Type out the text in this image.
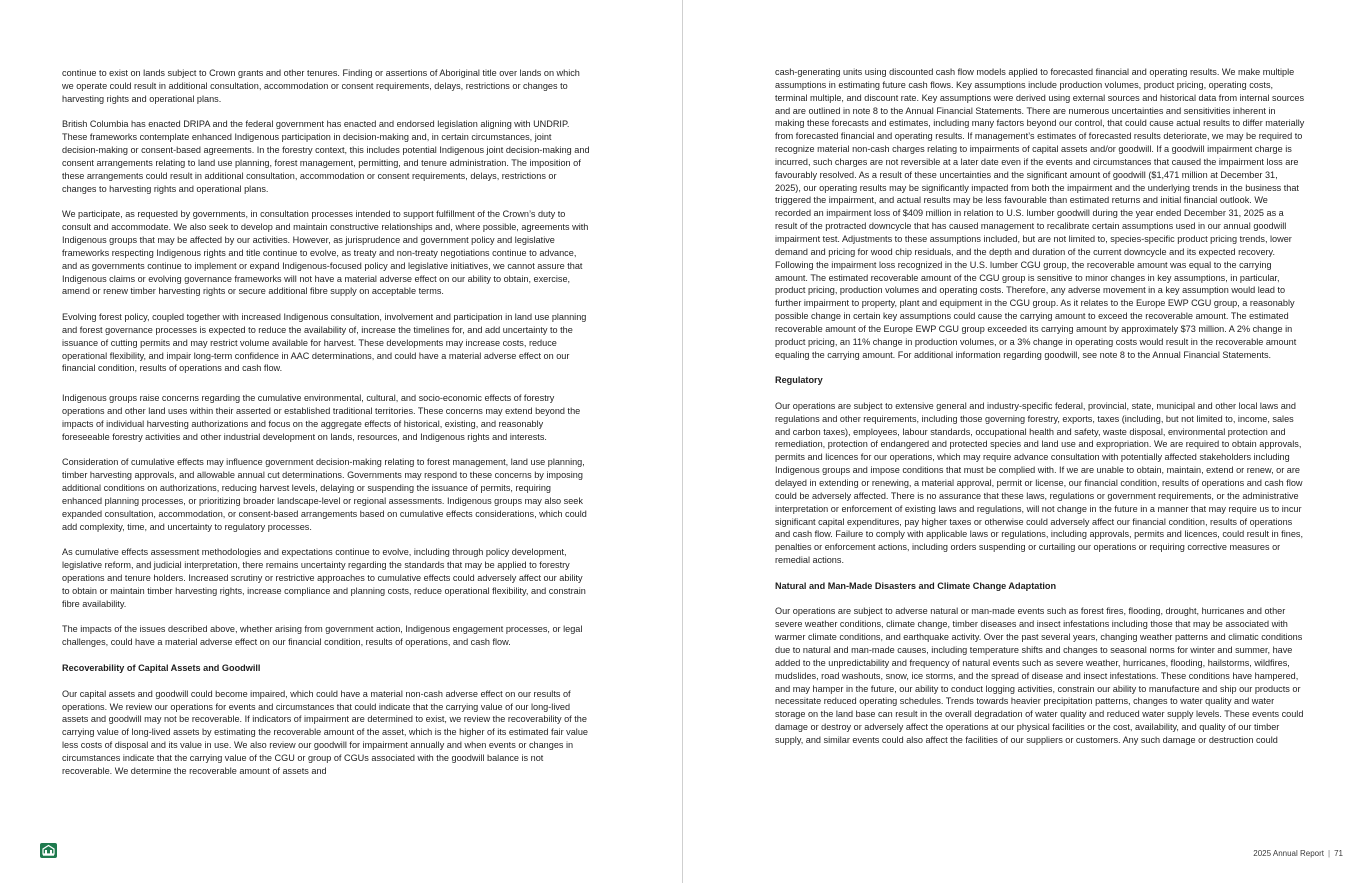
continue to exist on lands subject to Crown grants and other tenures. Finding or assertions of Aboriginal title over lands on which we operate could result in additional consultation, accommodation or consent requirements, delays, restrictions or changes to harvesting rights and operational plans.

British Columbia has enacted DRIPA and the federal government has enacted and endorsed legislation aligning with UNDRIP. These frameworks contemplate enhanced Indigenous participation in decision-making and, in certain circumstances, joint decision-making or consent-based agreements. In the forestry context, this includes potential Indigenous joint decision-making and consent arrangements relating to land use planning, forest management, permitting, and tenure administration. The imposition of these arrangements could result in additional consultation, accommodation or consent requirements, delays, restrictions or changes to harvesting rights and operational plans.

We participate, as requested by governments, in consultation processes intended to support fulfillment of the Crown’s duty to consult and accommodate. We also seek to develop and maintain constructive relationships and, where possible, agreements with Indigenous groups that may be affected by our activities. However, as jurisprudence and government policy and legislative frameworks respecting Indigenous rights and title continue to evolve, as treaty and non-treaty negotiations continue to advance, and as governments continue to implement or expand Indigenous-focused policy and legislative initiatives, we cannot assure that Indigenous claims or evolving governance frameworks will not have a material adverse effect on our ability to obtain, exercise, amend or renew timber harvesting rights or secure additional fibre supply on acceptable terms.

Evolving forest policy, coupled together with increased Indigenous consultation, involvement and participation in land use planning and forest governance processes is expected to reduce the availability of, increase the timelines for, and add uncertainty to the issuance of cutting permits and may restrict volume available for harvest. These developments may increase costs, reduce operational flexibility, and impair long-term confidence in AAC determinations, and could have a material adverse effect on our financial condition, results of operations and cash flow.

Indigenous groups raise concerns regarding the cumulative environmental, cultural, and socio-economic effects of forestry operations and other land uses within their asserted or established traditional territories. These concerns may extend beyond the impacts of individual harvesting authorizations and focus on the aggregate effects of historical, existing, and reasonably foreseeable forestry activities and other industrial development on lands, resources, and Indigenous rights and interests.

Consideration of cumulative effects may influence government decision-making relating to forest management, land use planning, timber harvesting approvals, and allowable annual cut determinations. Governments may respond to these concerns by imposing additional conditions on authorizations, reducing harvest levels, delaying or suspending the issuance of permits, requiring enhanced planning processes, or prioritizing broader landscape-level or regional assessments. Indigenous groups may also seek expanded consultation, accommodation, or consent-based arrangements based on cumulative effects considerations, which could add complexity, time, and uncertainty to regulatory processes.

As cumulative effects assessment methodologies and expectations continue to evolve, including through policy development, legislative reform, and judicial interpretation, there remains uncertainty regarding the standards that may be applied to forestry operations and tenure holders. Increased scrutiny or restrictive approaches to cumulative effects could adversely affect our ability to obtain or maintain timber harvesting rights, increase compliance and planning costs, reduce operational flexibility, and constrain fibre availability.

The impacts of the issues described above, whether arising from government action, Indigenous engagement processes, or legal challenges, could have a material adverse effect on our financial condition, results of operations, and cash flow.

Recoverability of Capital Assets and Goodwill

Our capital assets and goodwill could become impaired, which could have a material non-cash adverse effect on our results of operations. We review our operations for events and circumstances that could indicate that the carrying value of our long-lived assets and goodwill may not be recoverable. If indicators of impairment are determined to exist, we review the recoverability of the carrying value of long-lived assets by estimating the recoverable amount of the asset, which is the higher of its estimated fair value less costs of disposal and its value in use. We also review our goodwill for impairment annually and when events or changes in circumstances indicate that the carrying value of the CGU or group of CGUs associated with the goodwill balance is not recoverable. We determine the recoverable amount of assets and

cash-generating units using discounted cash flow models applied to forecasted financial and operating results. We make multiple assumptions in estimating future cash flows. Key assumptions include production volumes, product pricing, operating costs, terminal multiple, and discount rate. Key assumptions were derived using external sources and historical data from internal sources and are outlined in note 8 to the Annual Financial Statements. There are numerous uncertainties and sensitivities inherent in making these forecasts and estimates, including many factors beyond our control, that could cause actual results to differ materially from forecasted financial and operating results. If management’s estimates of forecasted results deteriorate, we may be required to recognize material non-cash charges relating to impairments of capital assets and/or goodwill. If a goodwill impairment charge is incurred, such charges are not reversible at a later date even if the events and circumstances that caused the impairment loss are favourably resolved. As a result of these uncertainties and the significant amount of goodwill ($1,471 million at December 31, 2025), our operating results may be significantly impacted from both the impairment and the underlying trends in the business that triggered the impairment, and actual results may be less favourable than estimated returns and initial financial outlook. We recorded an impairment loss of $409 million in relation to U.S. lumber goodwill during the year ended December 31, 2025 as a result of the protracted downcycle that has caused management to recalibrate certain assumptions used in our annual goodwill impairment test. Adjustments to these assumptions included, but are not limited to, species-specific product pricing trends, lower demand and pricing for wood chip residuals, and the depth and duration of the current downcycle and its expected recovery. Following the impairment loss recognized in the U.S. lumber CGU group, the recoverable amount was equal to the carrying amount. The estimated recoverable amount of the CGU group is sensitive to minor changes in key assumptions, in particular, product pricing, production volumes and operating costs. Therefore, any adverse movement in a key assumption would lead to further impairment to property, plant and equipment in the CGU group. As it relates to the Europe EWP CGU group, a reasonably possible change in certain key assumptions could cause the carrying amount to exceed the recoverable amount. The estimated recoverable amount of the Europe EWP CGU group exceeded its carrying amount by approximately $73 million. A 2% change in product pricing, an 11% change in production volumes, or a 3% change in operating costs would result in the recoverable amount equaling the carrying amount. For additional information regarding goodwill, see note 8 to the Annual Financial Statements.

Regulatory

Our operations are subject to extensive general and industry-specific federal, provincial, state, municipal and other local laws and regulations and other requirements, including those governing forestry, exports, taxes (including, but not limited to, income, sales and carbon taxes), employees, labour standards, occupational health and safety, waste disposal, environmental protection and remediation, protection of endangered and protected species and land use and expropriation. We are required to obtain approvals, permits and licences for our operations, which may require advance consultation with potentially affected stakeholders including Indigenous groups and impose conditions that must be complied with. If we are unable to obtain, maintain, extend or renew, or are delayed in extending or renewing, a material approval, permit or license, our financial condition, results of operations and cash flow could be adversely affected. There is no assurance that these laws, regulations or government requirements, or the administrative interpretation or enforcement of existing laws and regulations, will not change in the future in a manner that may require us to incur significant capital expenditures, pay higher taxes or otherwise could adversely affect our financial condition, results of operations and cash flow. Failure to comply with applicable laws or regulations, including approvals, permits and licences, could result in fines, penalties or enforcement actions, including orders suspending or curtailing our operations or requiring corrective measures or remedial actions.

Natural and Man-Made Disasters and Climate Change Adaptation

Our operations are subject to adverse natural or man-made events such as forest fires, flooding, drought, hurricanes and other severe weather conditions, climate change, timber diseases and insect infestations including those that may be associated with warmer climate conditions, and earthquake activity. Over the past several years, changing weather patterns and climatic conditions due to natural and man-made causes, including temperature shifts and changes to seasonal norms for winter and summer, have added to the unpredictability and frequency of natural events such as severe weather, hurricanes, flooding, hailstorms, wildfires, mudslides, road washouts, snow, ice storms, and the spread of disease and insect infestations. These conditions have hampered, and may hamper in the future, our ability to conduct logging activities, constrain our ability to manufacture and ship our products or necessitate reduced operating schedules. Trends towards heavier precipitation patterns, changes to water quality and water storage on the land base can result in the overall degradation of water quality and reduced water supply levels. These events could damage or destroy or adversely affect the operations at our physical facilities or the cost, availability, and quality of our timber supply, and similar events could also affect the facilities of our suppliers or customers. Any such damage or destruction could

2025 Annual Report | 71
